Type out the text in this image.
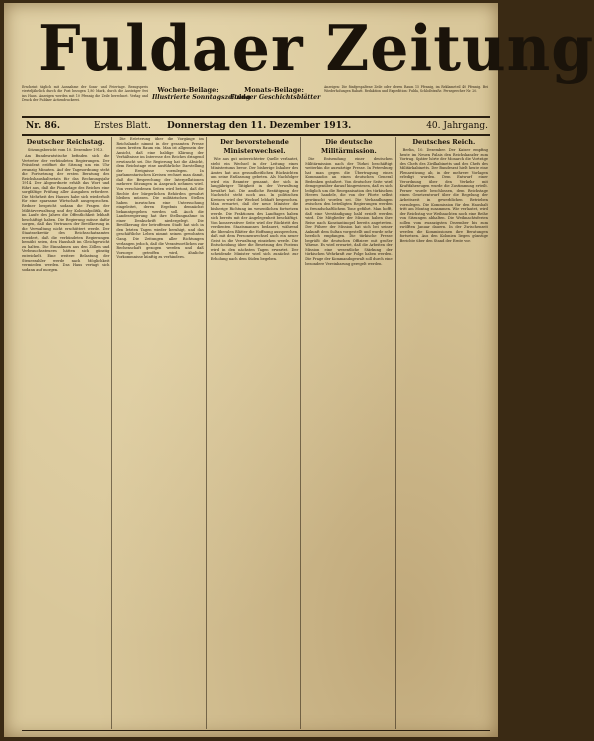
Fuldaer Zeitung
Erscheint täglich mit Ausnahme der Sonn- und Feiertage. Bezugspreis vierteljährlich durch die Post bezogen 1,80 Mark, durch die Austräger frei ins Haus. Anzeigen werden mit 10 Pfennig die Zeile berechnet. Verlag und Druck der Fuldaer Actiendruckerei.
Wochen-Beilage:
Illustrierte Sonntagszeitung
Monats-Beilage:
Fuldaer Geschichtsblätter
Anzeigen: Die fünfgespaltene Zeile oder deren Raum 15 Pfennig, im Reklameteil 40 Pfennig. Bei Wiederholungen Rabatt. Redaktion und Expedition: Fulda, Schloßstraße. Fernsprecher Nr. 20.
Nr. 86.	Erstes Blatt. Donnerstag den 11. Dezember 1913.	40. Jahrgang.
Deutscher Reichstag.
Sitzungsbericht vom 10. Dezember 1913.

Am Bundesratstische befinden sich die Vertreter der verbündeten Regierungen. Der Präsident eröffnet die Sitzung um ein Uhr zwanzig Minuten. Auf der Tagesordnung steht die Fortsetzung der ersten Beratung des Reichshaushaltsetats für das Rechnungsjahr 1914. Der Abgeordnete erhält das Wort und führt aus, daß die Finanzlage des Reiches eine sorgfältige Prüfung aller Ausgaben erfordere. Die Mehrheit des Hauses habe sich wiederholt für eine sparsame Wirtschaft ausgesprochen. Redner bespricht sodann die Fragen der Militärverwaltung und der Kolonialpolitik, die im Laufe des Jahres die Öffentlichkeit lebhaft beschäftigt haben. Die Regierung müsse dafür sorgen, daß das Vertrauen der Bevölkerung in die Verwaltung nicht erschüttert werde. Der Staatssekretär des Reichsschatzamtes erwidert, daß die verbündeten Regierungen bemüht seien, den Haushalt im Gleichgewicht zu halten. Die Einnahmen aus den Zöllen und Verbrauchssteuern hätten sich günstig entwickelt. Eine weitere Belastung der Steuerzahler werde nach Möglichkeit vermieden werden. Das Haus vertagt sich sodann auf morgen.

Die Erörterung über die Vorgänge im Reichslande nimmt in der gesamten Presse einen breiten Raum ein. Man ist allgemein der Ansicht, daß eine baldige Klärung der Verhältnisse im Interesse des Reiches dringend erwünscht sei. Die Regierung hat die Absicht, dem Reichstage eine ausführliche Darstellung der Ereignisse vorzulegen. In parlamentarischen Kreisen rechnet man damit, daß die Besprechung der Interpellationen mehrere Sitzungen in Anspruch nehmen wird. Von verschiedenen Seiten wird betont, daß die Rechte der bürgerlichen Behörden gewahrt bleiben müssen. Die militärischen Stellen haben inzwischen eine Untersuchung eingeleitet, deren Ergebnis demnächst bekanntgegeben werden soll. Auch die Landesregierung hat ihre Stellungnahme in einer Denkschrift niedergelegt. Die Bevölkerung der betroffenen Stadt hat sich in den letzten Tagen wieder beruhigt, und das geschäftliche Leben nimmt seinen gewohnten Gang. Die Zeitungen aller Richtungen verlangen jedoch, daß die Verantwortlichen zur Rechenschaft gezogen werden und daß Vorsorge getroffen wird, ähnliche Vorkommnisse künftig zu verhindern.

Der bevorstehende Ministerwechsel.

Wie aus gut unterrichteter Quelle verlautet, steht ein Wechsel in der Leitung eines Ministeriums bevor. Der bisherige Inhaber des Amtes hat aus gesundheitlichen Rücksichten um seine Entlassung gebeten. Als Nachfolger wird ein Beamter genannt, der sich in langjähriger Tätigkeit in der Verwaltung bewährt hat. Die amtliche Bestätigung der Nachricht steht noch aus. In politischen Kreisen wird der Wechsel lebhaft besprochen. Man erwartet, daß der neue Minister die bisherige Richtung im wesentlichen fortsetzen werde. Die Fraktionen des Landtages haben sich bereits mit der Angelegenheit beschäftigt. Von konservativer Seite wird der Rücktritt des verdienten Staatsmannes bedauert, während die liberalen Blätter die Hoffnung aussprechen, daß mit dem Personenwechsel auch ein neuer Geist in die Verwaltung einziehen werde. Die Entscheidung über die Besetzung des Postens wird in den nächsten Tagen erwartet. Der scheidende Minister wird sich zunächst zur Erholung nach dem Süden begeben.

Die deutsche Militärmission.

Die Entsendung einer deutschen Militärmission nach der Türkei beschäftigt weiterhin die auswärtige Presse. In Petersburg hat man gegen die Übertragung eines Kommandos an einen deutschen General Bedenken geäußert. Von deutscher Seite wird demgegenüber darauf hingewiesen, daß es sich lediglich um die Reorganisation des türkischen Heeres handele, die von der Pforte selbst gewünscht worden sei. Die Verhandlungen zwischen den beteiligten Regierungen werden in freundschaftlichem Tone geführt. Man hofft, daß eine Verständigung bald erzielt werden wird. Die Mitglieder der Mission haben ihre Reise nach Konstantinopel bereits angetreten. Der Führer der Mission hat sich bei seiner Ankunft dem Sultan vorgestellt und wurde sehr herzlich empfangen. Die türkische Presse begrüßt die deutschen Offiziere mit großer Wärme. Es wird erwartet, daß die Arbeiten der Mission eine wesentliche Stärkung der türkischen Wehrkraft zur Folge haben werden. Die Frage der Kommandogewalt soll durch eine besondere Vereinbarung geregelt werden.

Deutsches Reich.

Berlin, 10. Dezember. Der Kaiser empfing heute im Neuen Palais den Reichskanzler zum Vortrag. Später hörte der Monarch die Vorträge des Chefs des Zivilkabinetts und des Chefs des Militärkabinetts. Der Bundesrat hielt heute eine Plenarsitzung ab, in der mehrere Vorlagen erledigt wurden. Dem Entwurf einer Verordnung über den Verkehr mit Kraftfahrzeugen wurde die Zustimmung erteilt. Ferner wurde beschlossen, dem Reichstage einen Gesetzentwurf über die Regelung der Arbeitszeit in gewerblichen Betrieben vorzulegen. Die Kommission für den Haushalt tritt am Montag zusammen. Wie verlautet, wird der Reichstag vor Weihnachten noch eine Reihe von Sitzungen abhalten. Die Weihnachtsferien sollen vom zwanzigsten Dezember bis zum zwölften Januar dauern. In der Zwischenzeit werden die Kommissionen ihre Beratungen fortsetzen. Aus den Kolonien liegen günstige Berichte über den Stand der Ernte vor.
